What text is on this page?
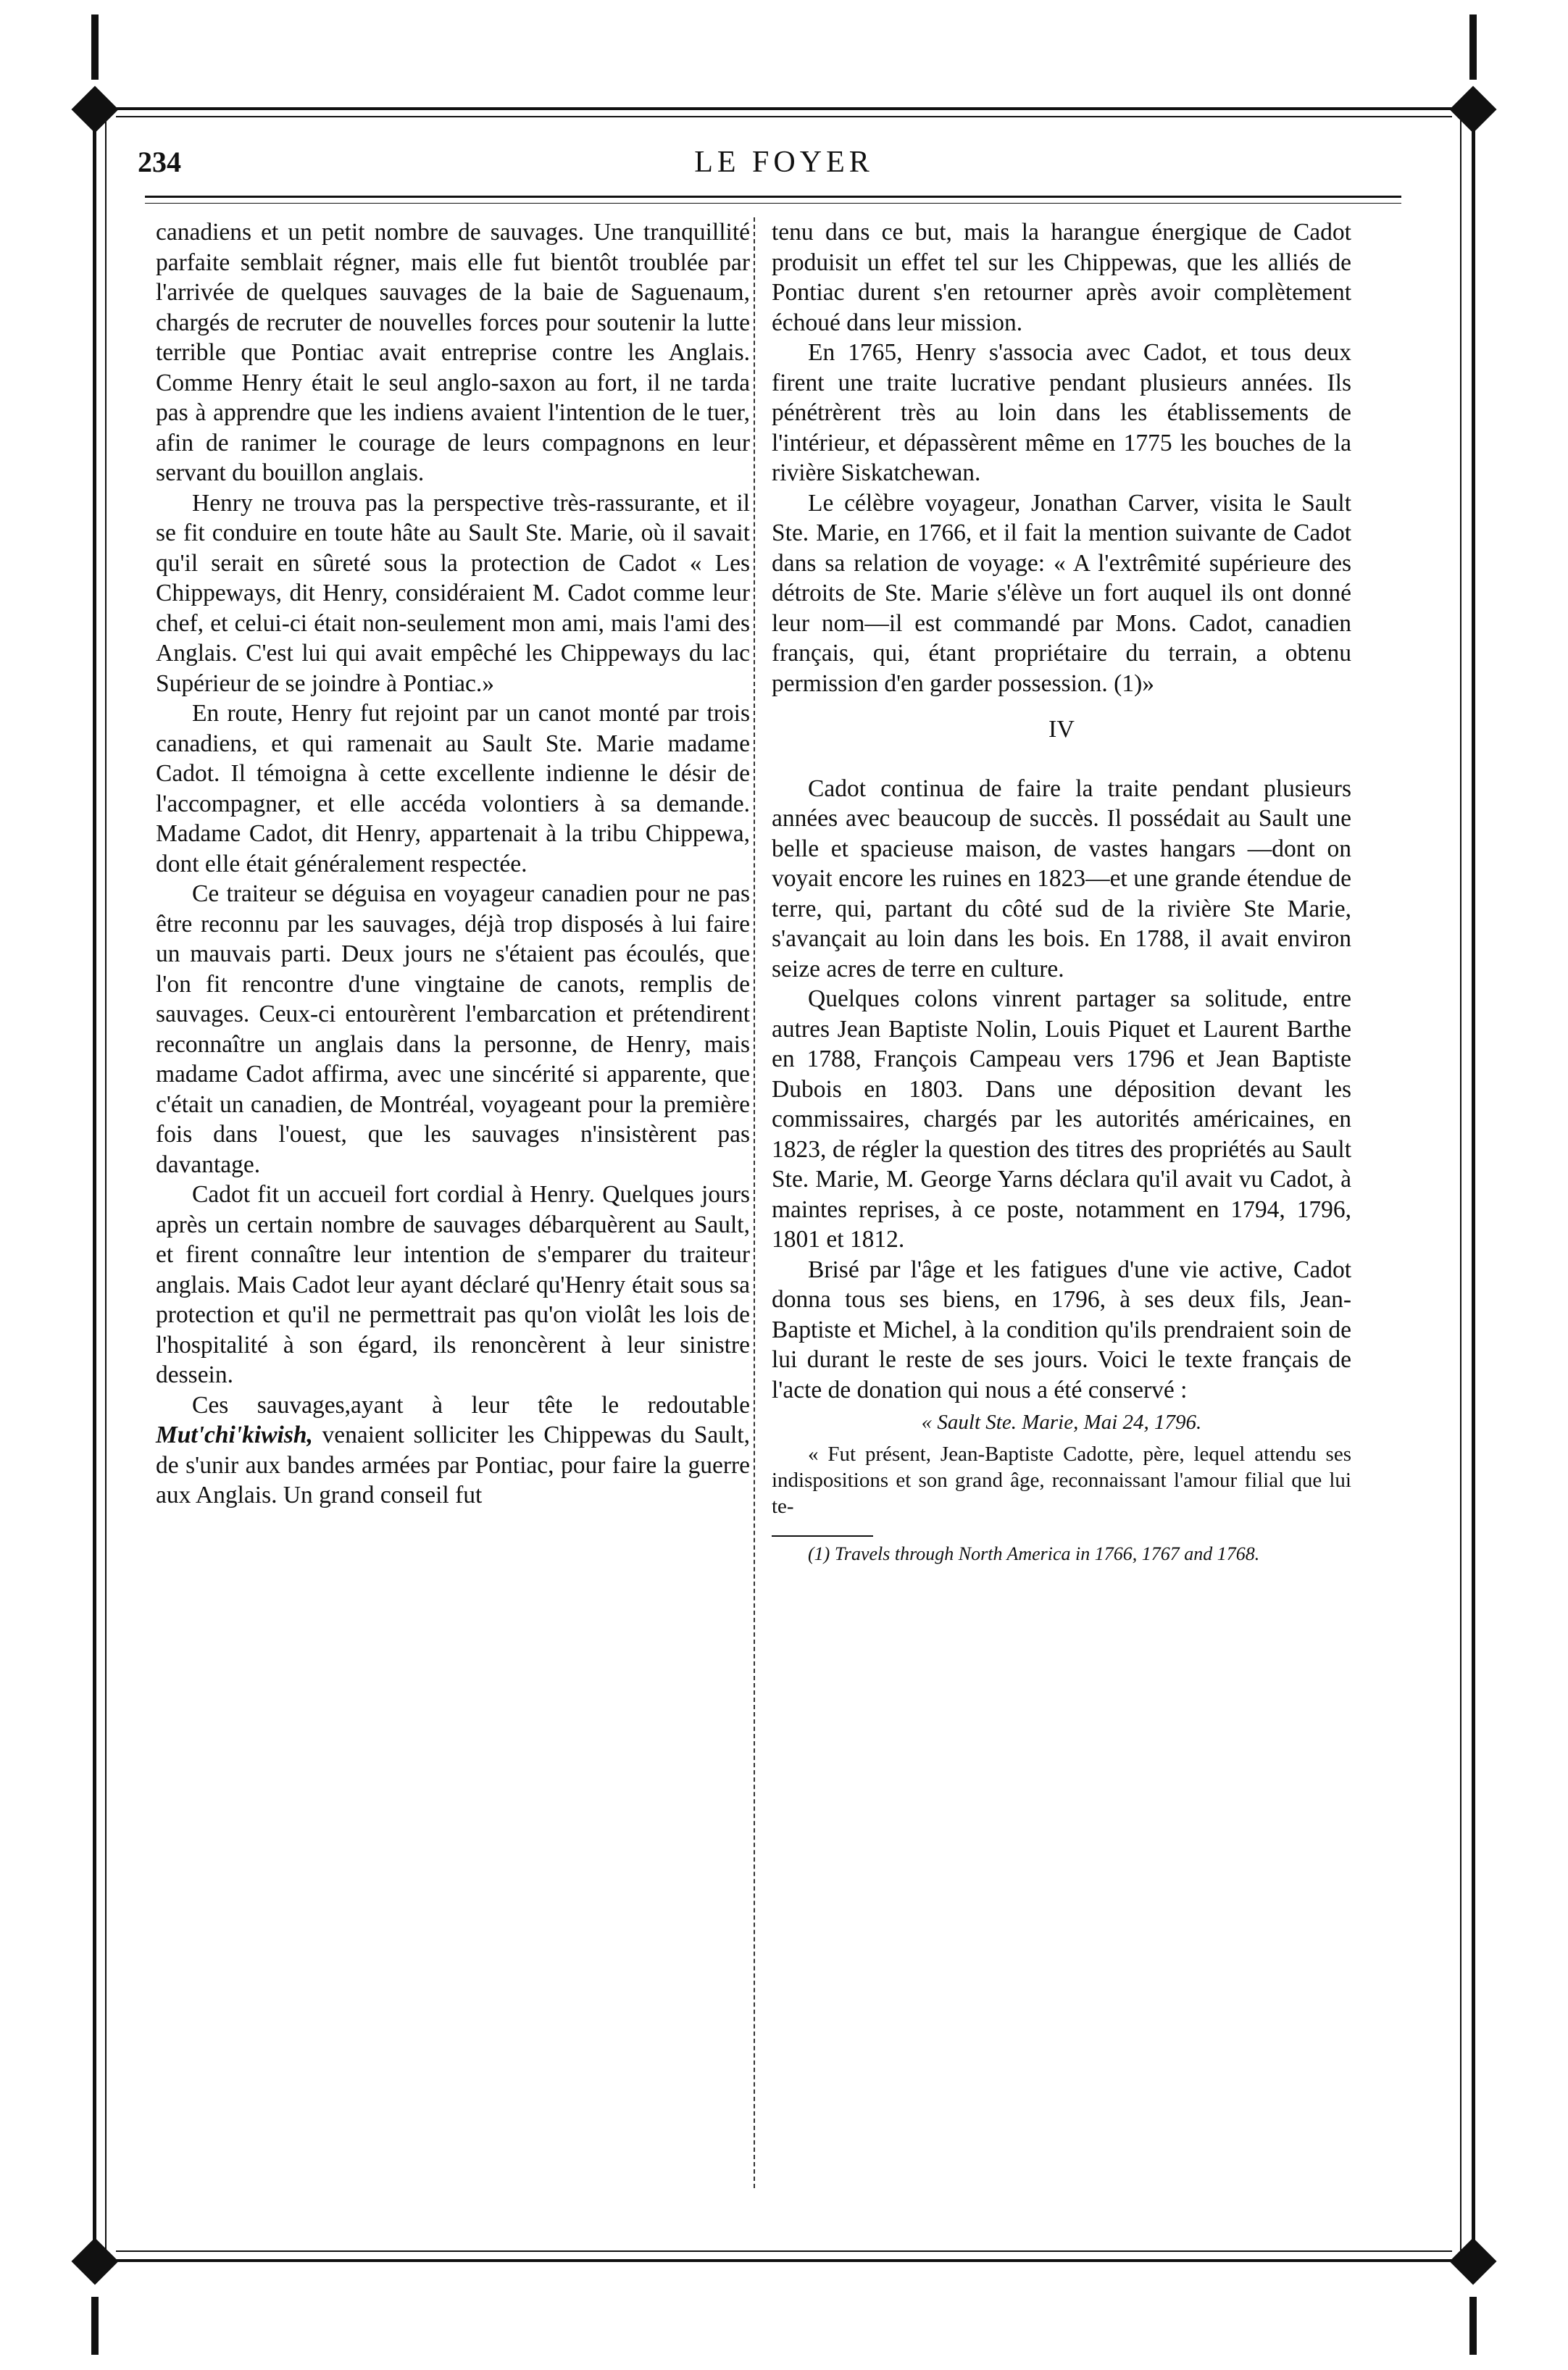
234	LE FOYER

canadiens et un petit nombre de sauvages. Une tranquillité parfaite semblait régner, mais elle fut bientôt troublée par l'arrivée de quelques sauvages de la baie de Saguenaum, chargés de recruter de nouvelles forces pour soutenir la lutte terrible que Pontiac avait entreprise contre les Anglais. Comme Henry était le seul anglo-saxon au fort, il ne tarda pas à apprendre que les indiens avaient l'intention de le tuer, afin de ranimer le courage de leurs compagnons en leur servant du bouillon anglais.

Henry ne trouva pas la perspective très-rassurante, et il se fit conduire en toute hâte au Sault Ste. Marie, où il savait qu'il serait en sûreté sous la protection de Cadot « Les Chippeways, dit Henry, considéraient M. Cadot comme leur chef, et celui-ci était non-seulement mon ami, mais l'ami des Anglais. C'est lui qui avait empêché les Chippeways du lac Supérieur de se joindre à Pontiac.»

En route, Henry fut rejoint par un canot monté par trois canadiens, et qui ramenait au Sault Ste. Marie madame Cadot. Il témoigna à cette excellente indienne le désir de l'accompagner, et elle accéda volontiers à sa demande. Madame Cadot, dit Henry, appartenait à la tribu Chippewa, dont elle était généralement respectée.

Ce traiteur se déguisa en voyageur canadien pour ne pas être reconnu par les sauvages, déjà trop disposés à lui faire un mauvais parti. Deux jours ne s'étaient pas écoulés, que l'on fit rencontre d'une vingtaine de canots, remplis de sauvages. Ceux-ci entourèrent l'embarcation et prétendirent reconnaître un anglais dans la personne, de Henry, mais madame Cadot affirma, avec une sincérité si apparente, que c'était un canadien, de Montréal, voyageant pour la première fois dans l'ouest, que les sauvages n'insistèrent pas davantage.

Cadot fit un accueil fort cordial à Henry. Quelques jours après un certain nombre de sauvages débarquèrent au Sault, et firent connaître leur intention de s'emparer du traiteur anglais. Mais Cadot leur ayant déclaré qu'Henry était sous sa protection et qu'il ne permettrait pas qu'on violât les lois de l'hospitalité à son égard, ils renoncèrent à leur sinistre dessein.

Ces sauvages,ayant à leur tête le redoutable Mut'chi'kiwish, venaient solliciter les Chippewas du Sault, de s'unir aux bandes armées par Pontiac, pour faire la guerre aux Anglais. Un grand conseil fut

tenu dans ce but, mais la harangue énergique de Cadot produisit un effet tel sur les Chippewas, que les alliés de Pontiac durent s'en retourner après avoir complètement échoué dans leur mission.

En 1765, Henry s'associa avec Cadot, et tous deux firent une traite lucrative pendant plusieurs années. Ils pénétrèrent très au loin dans les établissements de l'intérieur, et dépassèrent même en 1775 les bouches de la rivière Siskatchewan.

Le célèbre voyageur, Jonathan Carver, visita le Sault Ste. Marie, en 1766, et il fait la mention suivante de Cadot dans sa relation de voyage: « A l'extrêmité supérieure des détroits de Ste. Marie s'élève un fort auquel ils ont donné leur nom—il est commandé par Mons. Cadot, canadien français, qui, étant propriétaire du terrain, a obtenu permission d'en garder possession. (1)»

IV

Cadot continua de faire la traite pendant plusieurs années avec beaucoup de succès. Il possédait au Sault une belle et spacieuse maison, de vastes hangars —dont on voyait encore les ruines en 1823—et une grande étendue de terre, qui, partant du côté sud de la rivière Ste Marie, s'avançait au loin dans les bois. En 1788, il avait environ seize acres de terre en culture.

Quelques colons vinrent partager sa solitude, entre autres Jean Baptiste Nolin, Louis Piquet et Laurent Barthe en 1788, François Campeau vers 1796 et Jean Baptiste Dubois en 1803. Dans une déposition devant les commissaires, chargés par les autorités américaines, en 1823, de régler la question des titres des propriétés au Sault Ste. Marie, M. George Yarns déclara qu'il avait vu Cadot, à maintes reprises, à ce poste, notamment en 1794, 1796, 1801 et 1812.

Brisé par l'âge et les fatigues d'une vie active, Cadot donna tous ses biens, en 1796, à ses deux fils, Jean-Baptiste et Michel, à la condition qu'ils prendraient soin de lui durant le reste de ses jours. Voici le texte français de l'acte de donation qui nous a été conservé :

« Sault Ste. Marie, Mai 24, 1796.

« Fut présent, Jean-Baptiste Cadotte, père, lequel attendu ses indispositions et son grand âge, reconnaissant l'amour filial que lui te-

(1) Travels through North America in 1766, 1767 and 1768.
